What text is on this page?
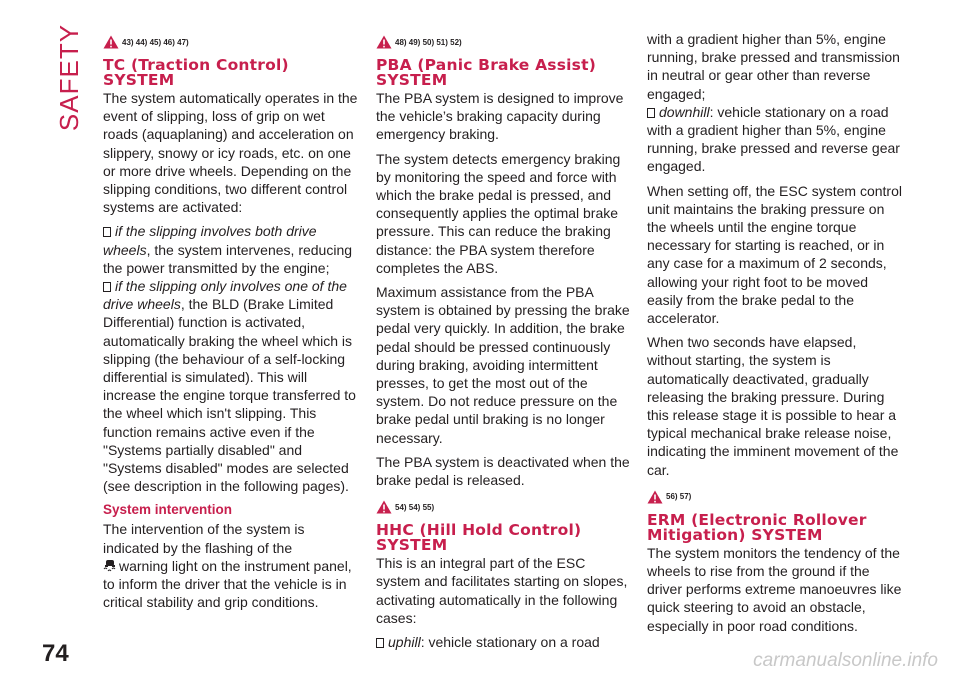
SAFETY	43) 44) 45) 46) 47)
TC (Traction Control) SYSTEM

The system automatically operates in the event of slipping, loss of grip on wet roads (aquaplaning) and acceleration on slippery, snowy or icy roads, etc. on one or more drive wheels. Depending on the slipping conditions, two different control systems are activated:

if the slipping involves both drive wheels, the system intervenes, reducing the power transmitted by the engine;
if the slipping only involves one of the drive wheels, the BLD (Brake Limited Differential) function is activated, automatically braking the wheel which is slipping (the behaviour of a self-locking differential is simulated). This will increase the engine torque transferred to the wheel which isn't slipping. This function remains active even if the "Systems partially disabled" and "Systems disabled" modes are selected (see description in the following pages).
System intervention

The intervention of the system is indicated by the flashing of the
warning light on the instrument panel, to inform the driver that the vehicle is in critical stability and grip conditions.

48) 49) 50) 51) 52)
PBA (Panic Brake Assist) SYSTEM

The PBA system is designed to improve the vehicle’s braking capacity during emergency braking.

The system detects emergency braking by monitoring the speed and force with which the brake pedal is pressed, and consequently applies the optimal brake pressure. This can reduce the braking distance: the PBA system therefore completes the ABS.

Maximum assistance from the PBA system is obtained by pressing the brake pedal very quickly. In addition, the brake pedal should be pressed continuously during braking, avoiding intermittent presses, to get the most out of the system. Do not reduce pressure on the brake pedal until braking is no longer necessary.

The PBA system is deactivated when the brake pedal is released.

54) 54) 55)
HHC (Hill Hold Control) SYSTEM

This is an integral part of the ESC system and facilitates starting on slopes, activating automatically in the following cases:

uphill: vehicle stationary on a road

with a gradient higher than 5%, engine running, brake pressed and transmission in neutral or gear other than reverse engaged;

downhill: vehicle stationary on a road with a gradient higher than 5%, engine running, brake pressed and reverse gear engaged.

When setting off, the ESC system control unit maintains the braking pressure on the wheels until the engine torque necessary for starting is reached, or in any case for a maximum of 2 seconds, allowing your right foot to be moved easily from the brake pedal to the accelerator.

When two seconds have elapsed, without starting, the system is automatically deactivated, gradually releasing the braking pressure. During this release stage it is possible to hear a typical mechanical brake release noise, indicating the imminent movement of the car.

56) 57)
ERM (Electronic Rollover Mitigation) SYSTEM

The system monitors the tendency of the wheels to rise from the ground if the driver performs extreme manoeuvres like quick steering to avoid an obstacle, especially in poor road conditions.

74	carmanualsonline.info
